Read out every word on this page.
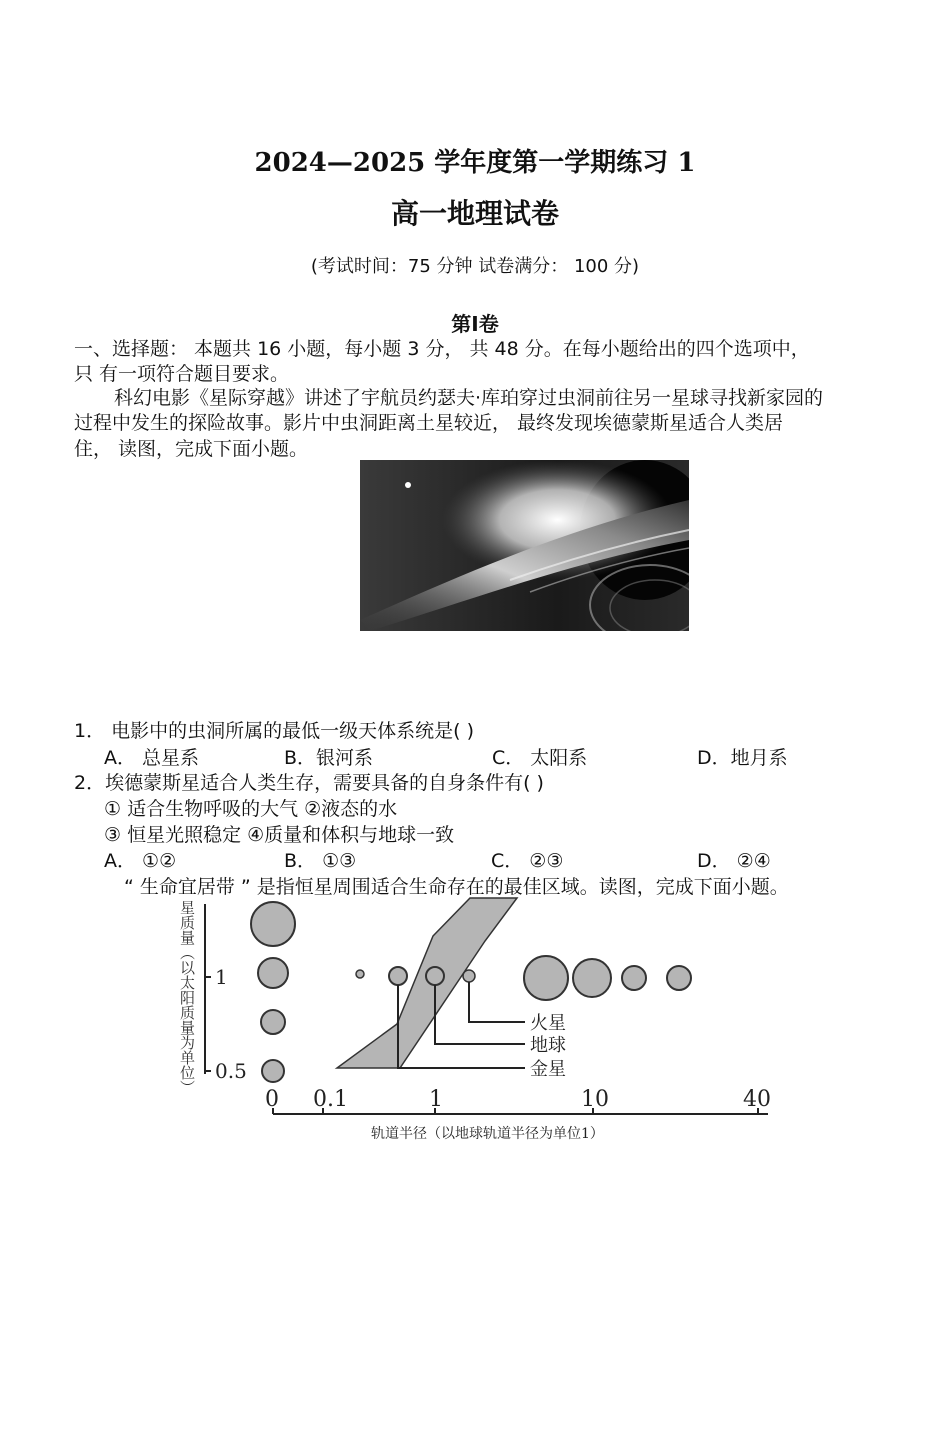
2024—2025 学年度第一学期练习 1
高一地理试卷
(考试时间：75 分钟 试卷满分： 100 分)
第I卷
一、选择题： 本题共 16 小题，每小题 3 分， 共 48 分。在每小题给出的四个选项中，
只 有一项符合题目要求。
科幻电影《星际穿越》讲述了宇航员约瑟夫·库珀穿过虫洞前往另一星球寻找新家园的
过程中发生的探险故事。影片中虫洞距离土星较近， 最终发现埃德蒙斯星适合人类居
住， 读图，完成下面小题。
1． 电影中的虫洞所属的最低一级天体系统是( )
A． 总星系	B．银河系	C． 太阳系	D．地月系
2．埃德蒙斯星适合人类生存，需要具备的自身条件有( )
① 适合生物呼吸的大气 ②液态的水
③ 恒星光照稳定 ④质量和体积与地球一致
A． ①②	B． ①③	C． ②③	D． ②④
“ 生命宜居带 ” 是指恒星周围适合生命存在的最佳区域。读图，完成下面小题。
星质量（以太阳质量为单位） 1
0.5
火星
地球
金星
0 0.1	1	10	40
轨道半径（以地球轨道半径为单位1）
